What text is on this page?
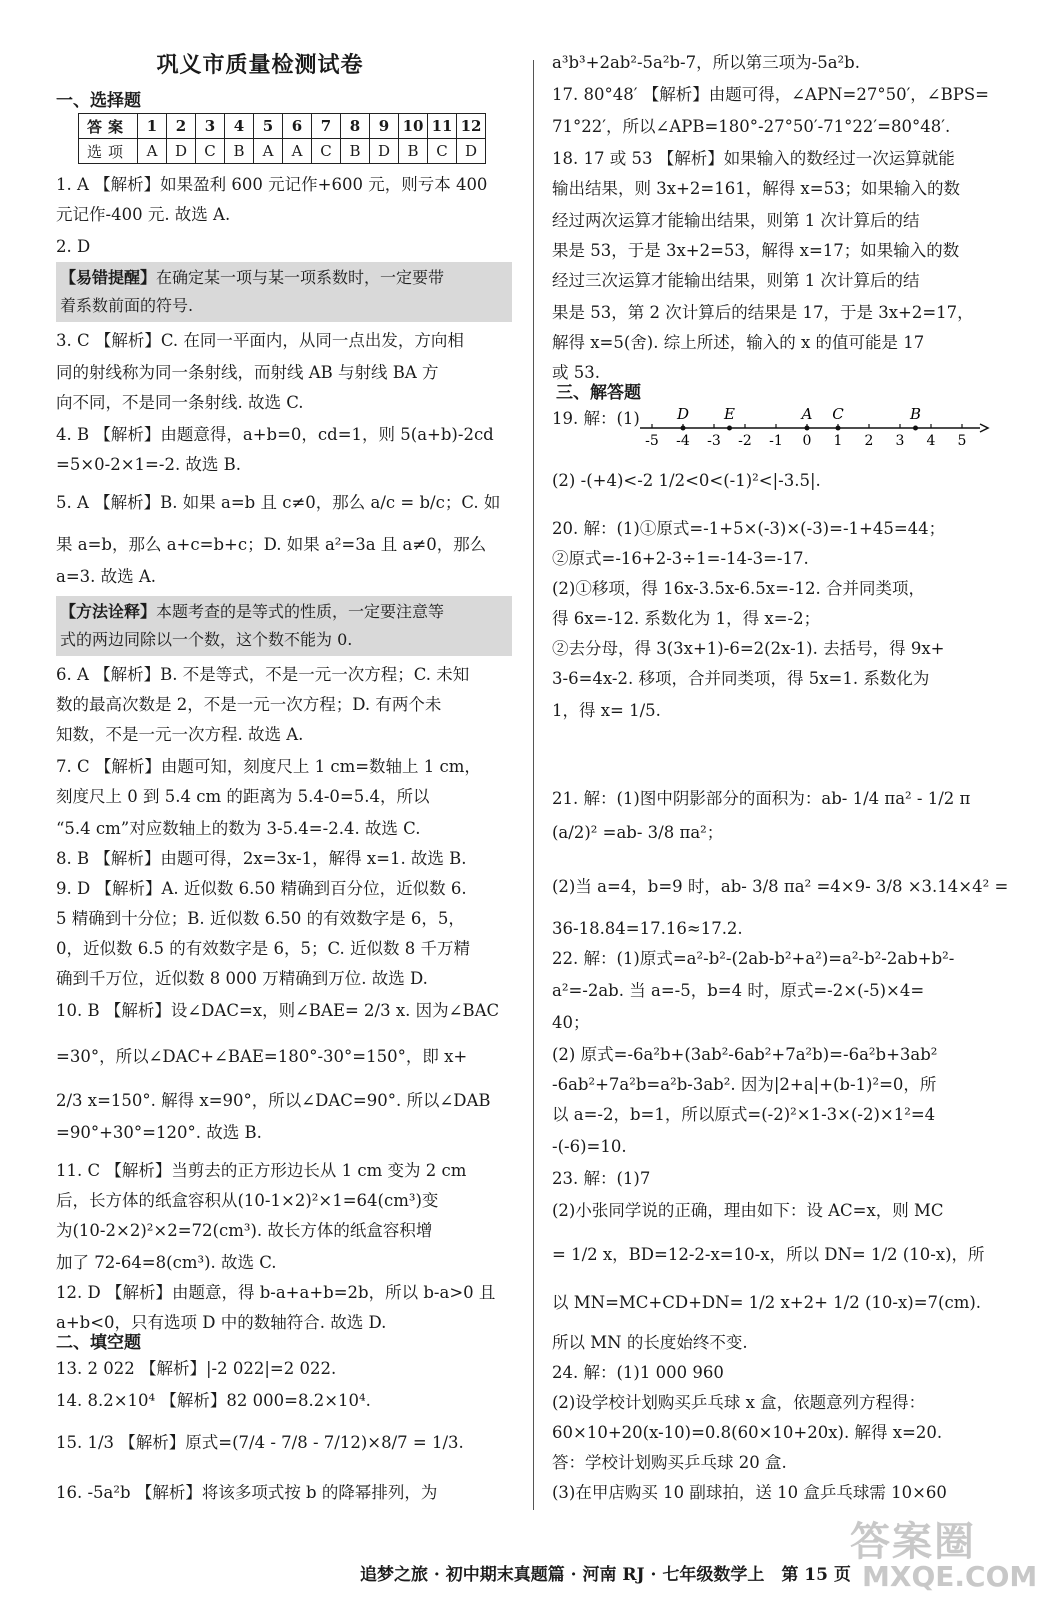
巩义市质量检测试卷
一、选择题
答案	1	2	3	4	5	6	7	8	9	10	11	12
选项	A	D	C	B	A	A	C	B	D	B	C	D
【易错提醒】在确定某一项与某一项系数时，一定要带
着系数前面的符号.
【方法诠释】本题考查的是等式的性质，一定要注意等
式的两边同除以一个数，这个数不能为 0.
二、填空题
1. A 【解析】如果盈利 600 元记作+600 元，则亏本 400
元记作-400 元. 故选 A.
2. D
3. C 【解析】C. 在同一平面内，从同一点出发，方向相
同的射线称为同一条射线，而射线 AB 与射线 BA 方
向不同，不是同一条射线. 故选 C.
4. B 【解析】由题意得，a+b=0，cd=1，则 5(a+b)-2cd
=5×0-2×1=-2. 故选 B.
5. A 【解析】B. 如果 a=b 且 c≠0，那么 a/c = b/c；C. 如
果 a=b，那么 a+c=b+c；D. 如果 a²=3a 且 a≠0，那么
a=3. 故选 A.
6. A 【解析】B. 不是等式，不是一元一次方程；C. 未知
数的最高次数是 2，不是一元一次方程；D. 有两个未
知数，不是一元一次方程. 故选 A.
7. C 【解析】由题可知，刻度尺上 1 cm=数轴上 1 cm，
刻度尺上 0 到 5.4 cm 的距离为 5.4-0=5.4，所以
“5.4 cm”对应数轴上的数为 3-5.4=-2.4. 故选 C.
8. B 【解析】由题可得，2x=3x-1，解得 x=1. 故选 B.
9. D 【解析】A. 近似数 6.50 精确到百分位，近似数 6.
5 精确到十分位；B. 近似数 6.50 的有效数字是 6，5，
0，近似数 6.5 的有效数字是 6，5；C. 近似数 8 千万精
确到千万位，近似数 8 000 万精确到万位. 故选 D.
10. B 【解析】设∠DAC=x，则∠BAE= 2/3 x. 因为∠BAC
=30°，所以∠DAC+∠BAE=180°-30°=150°，即 x+
2/3 x=150°. 解得 x=90°，所以∠DAC=90°. 所以∠DAB
=90°+30°=120°. 故选 B.
11. C 【解析】当剪去的正方形边长从 1 cm 变为 2 cm
后，长方体的纸盒容积从(10-1×2)²×1=64(cm³)变
为(10-2×2)²×2=72(cm³). 故长方体的纸盒容积增
加了 72-64=8(cm³). 故选 C.
12. D 【解析】由题意，得 b-a+a+b=2b，所以 b-a>0 且
a+b<0，只有选项 D 中的数轴符合. 故选 D.
13. 2 022 【解析】|-2 022|=2 022.
14. 8.2×10⁴ 【解析】82 000=8.2×10⁴.
15. 1/3 【解析】原式=(7/4 - 7/8 - 7/12)×8/7 = 1/3.
16. -5a²b 【解析】将该多项式按 b 的降幂排列，为
三、解答题
a³b³+2ab²-5a²b-7，所以第三项为-5a²b.
17. 80°48′ 【解析】由题可得，∠APN=27°50′，∠BPS=
71°22′，所以∠APB=180°-27°50′-71°22′=80°48′.
18. 17 或 53 【解析】如果输入的数经过一次运算就能
输出结果，则 3x+2=161，解得 x=53；如果输入的数
经过两次运算才能输出结果，则第 1 次计算后的结
果是 53，于是 3x+2=53，解得 x=17；如果输入的数
经过三次运算才能输出结果，则第 1 次计算后的结
果是 53，第 2 次计算后的结果是 17，于是 3x+2=17，
解得 x=5(舍). 综上所述，输入的 x 的值可能是 17
或 53.
19. 解：(1)
(2) -(+4)<-2 1/2<0<(-1)²<|-3.5|.
20. 解：(1)①原式=-1+5×(-3)×(-3)=-1+45=44；
②原式=-16+2-3÷1=-14-3=-17.
(2)①移项，得 16x-3.5x-6.5x=-12. 合并同类项，
得 6x=-12. 系数化为 1，得 x=-2；
②去分母，得 3(3x+1)-6=2(2x-1). 去括号，得 9x+
3-6=4x-2. 移项，合并同类项，得 5x=1. 系数化为
1，得 x= 1/5.
21. 解：(1)图中阴影部分的面积为：ab- 1/4 πa² - 1/2 π
(a/2)² =ab- 3/8 πa²；
(2)当 a=4，b=9 时，ab- 3/8 πa² =4×9- 3/8 ×3.14×4² =
36-18.84=17.16≈17.2.
22. 解：(1)原式=a²-b²-(2ab-b²+a²)=a²-b²-2ab+b²-
a²=-2ab. 当 a=-5，b=4 时，原式=-2×(-5)×4=
40；
(2) 原式=-6a²b+(3ab²-6ab²+7a²b)=-6a²b+3ab²
-6ab²+7a²b=a²b-3ab². 因为|2+a|+(b-1)²=0，所
以 a=-2，b=1，所以原式=(-2)²×1-3×(-2)×1²=4
-(-6)=10.
23. 解：(1)7
(2)小张同学说的正确，理由如下：设 AC=x，则 MC
= 1/2 x，BD=12-2-x=10-x，所以 DN= 1/2 (10-x)，所
以 MN=MC+CD+DN= 1/2 x+2+ 1/2 (10-x)=7(cm).
所以 MN 的长度始终不变.
24. 解：(1)1 000 960
(2)设学校计划购买乒乓球 x 盒，依题意列方程得：
60×10+20(x-10)=0.8(60×10+20x). 解得 x=20.
答：学校计划购买乒乓球 20 盒.
(3)在甲店购买 10 副球拍，送 10 盒乒乓球需 10×60
-5 -4 -3 -2 -1 0 1 2 3 4 5
D E	A C	B
追梦之旅 · 初中期末真题篇 · 河南 RJ · 七年级数学上　第 15 页
答案圈
MXQE.COM
